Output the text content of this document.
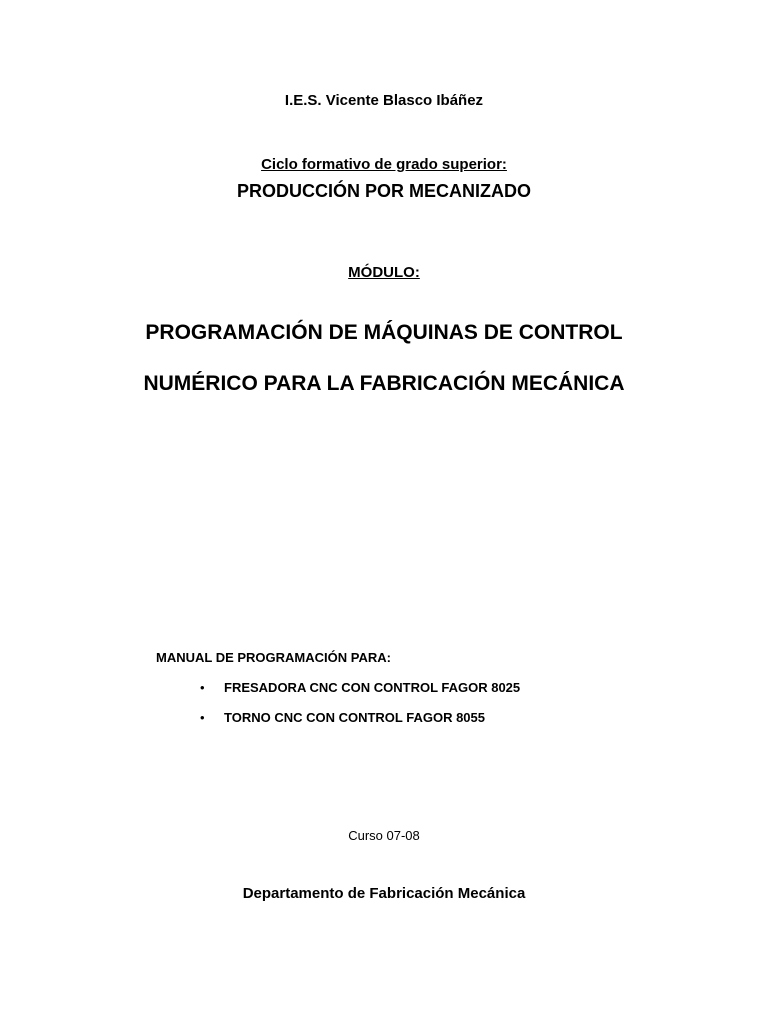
I.E.S. Vicente Blasco Ibáñez
Ciclo formativo de grado superior:
PRODUCCIÓN POR MECANIZADO
MÓDULO:
PROGRAMACIÓN DE MÁQUINAS DE CONTROL
NUMÉRICO PARA LA FABRICACIÓN MECÁNICA
MANUAL DE PROGRAMACIÓN PARA:
• FRESADORA CNC CON CONTROL FAGOR 8025
• TORNO CNC CON CONTROL FAGOR 8055
Curso 07-08
Departamento de Fabricación Mecánica
